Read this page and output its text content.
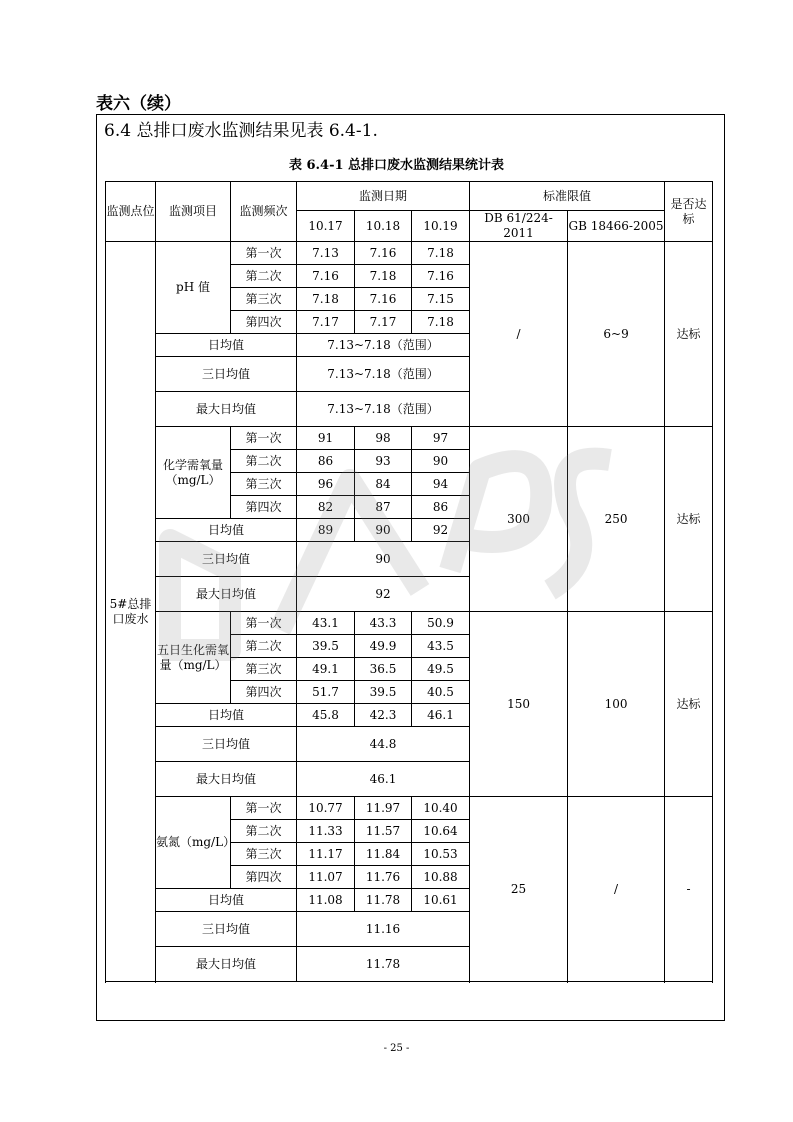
表六（续）
6.4 总排口废水监测结果见表 6.4-1.
表 6.4-1 总排口废水监测结果统计表
监测点位	监测项目	监测频次	监测日期			标准限值		是否达标
			10.17	10.18	10.19	DB 61/224-2011	GB 18466-2005	
5#总排口废水	pH 值	第一次	7.13	7.16	7.18	/	6~9	达标
		第二次	7.16	7.18	7.16			
		第三次	7.18	7.16	7.15			
		第四次	7.17	7.17	7.18			
	日均值		7.13~7.18（范围）					
	三日均值		7.13~7.18（范围）					
	最大日均值		7.13~7.18（范围）					

	化学需氧量（mg/L）	第一次	91	98	97	300	250	达标
		第二次	86	93	90			
		第三次	96	84	94			
		第四次	82	87	86			
	日均值		89	90	92			
	三日均值		90					
	最大日均值		92					

	五日生化需氧量（mg/L）	第一次	43.1	43.3	50.9	150	100	达标
		第二次	39.5	49.9	43.5			
		第三次	49.1	36.5	49.5			
		第四次	51.7	39.5	40.5			
	日均值		45.8	42.3	46.1			
	三日均值		44.8					
	最大日均值		46.1					

	氨氮（mg/L）	第一次	10.77	11.97	10.40	25	/	-
		第二次	11.33	11.57	10.64			
		第三次	11.17	11.84	10.53			
		第四次	11.07	11.76	10.88			
	日均值		11.08	11.78	10.61			
	三日均值		11.16					
	最大日均值		11.78					

- 25 -
